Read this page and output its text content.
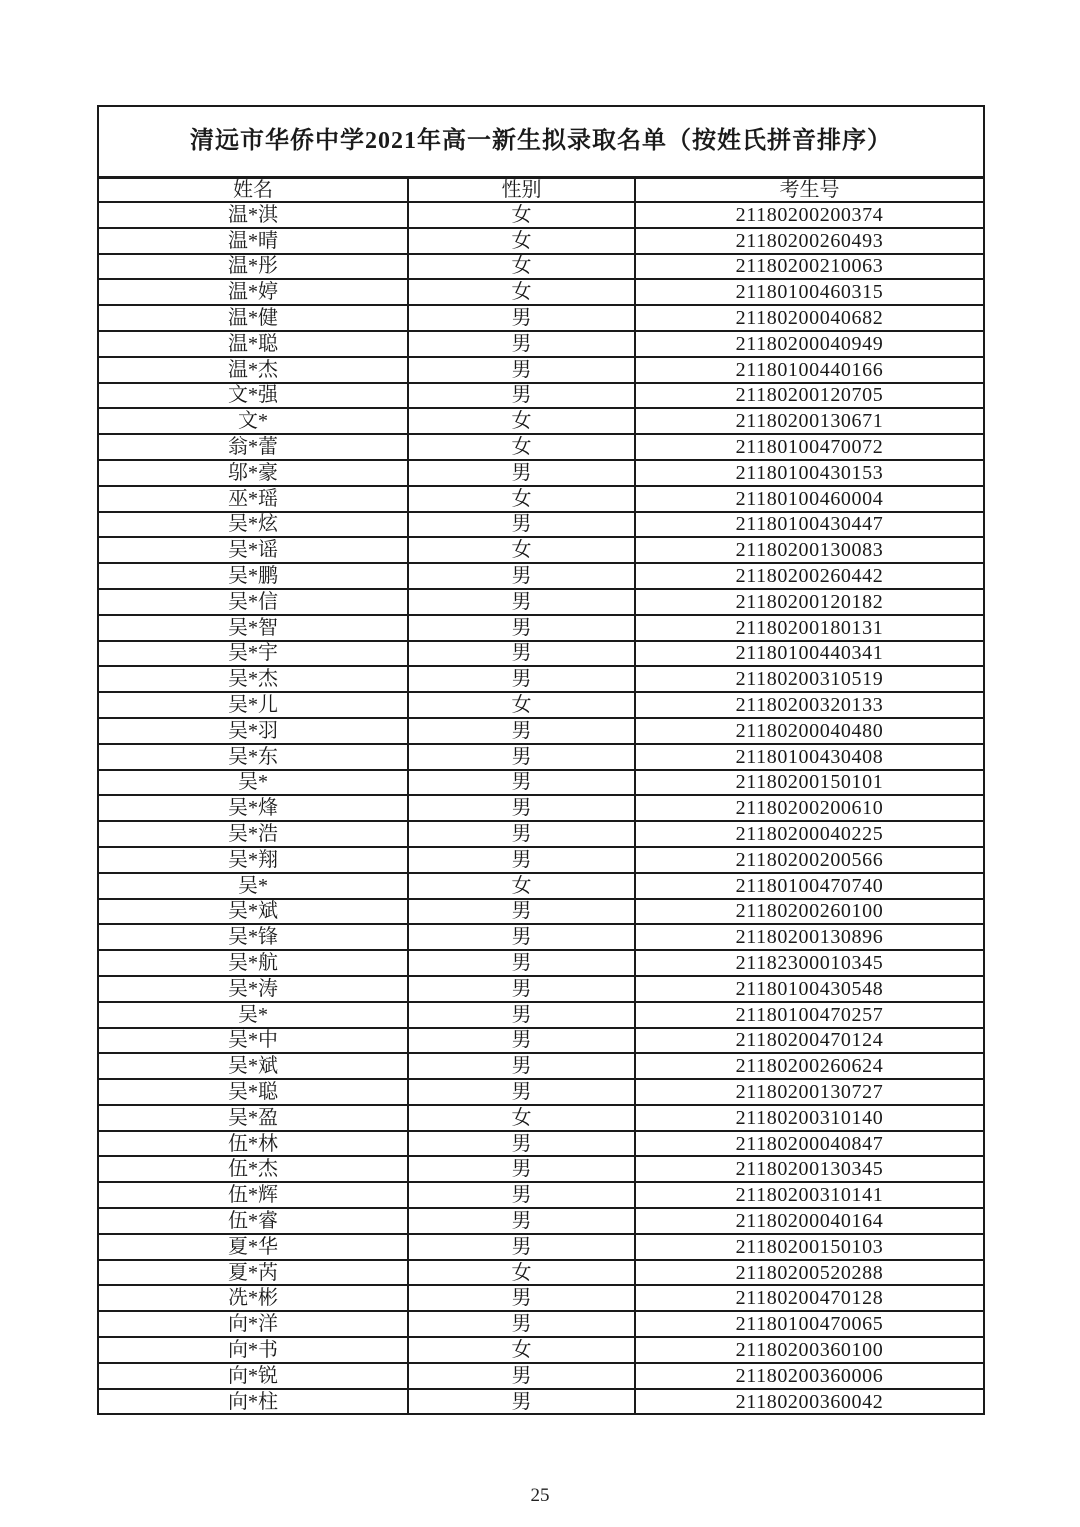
清远市华侨中学2021年高一新生拟录取名单（按姓氏拼音排序）		
姓名	性别	考生号
温*淇	女	21180200200374
温*晴	女	21180200260493
温*彤	女	21180200210063
温*婷	女	21180100460315
温*健	男	21180200040682
温*聪	男	21180200040949
温*杰	男	21180100440166
文*强	男	21180200120705
文*	女	21180200130671
翁*蕾	女	21180100470072
邬*豪	男	21180100430153
巫*瑶	女	21180100460004
吴*炫	男	21180100430447
吴*谣	女	21180200130083
吴*鹏	男	21180200260442
吴*信	男	21180200120182
吴*智	男	21180200180131
吴*宇	男	21180100440341
吴*杰	男	21180200310519
吴*儿	女	21180200320133
吴*羽	男	21180200040480
吴*东	男	21180100430408
吴*	男	21180200150101
吴*烽	男	21180200200610
吴*浩	男	21180200040225
吴*翔	男	21180200200566
吴*	女	21180100470740
吴*斌	男	21180200260100
吴*锋	男	21180200130896
吴*航	男	21182300010345
吴*涛	男	21180100430548
吴*	男	21180100470257
吴*中	男	21180200470124
吴*斌	男	21180200260624
吴*聪	男	21180200130727
吴*盈	女	21180200310140
伍*林	男	21180200040847
伍*杰	男	21180200130345
伍*辉	男	21180200310141
伍*睿	男	21180200040164
夏*华	男	21180200150103
夏*芮	女	21180200520288
冼*彬	男	21180200470128
向*洋	男	21180100470065
向*书	女	21180200360100
向*锐	男	21180200360006
向*柱	男	21180200360042
25
